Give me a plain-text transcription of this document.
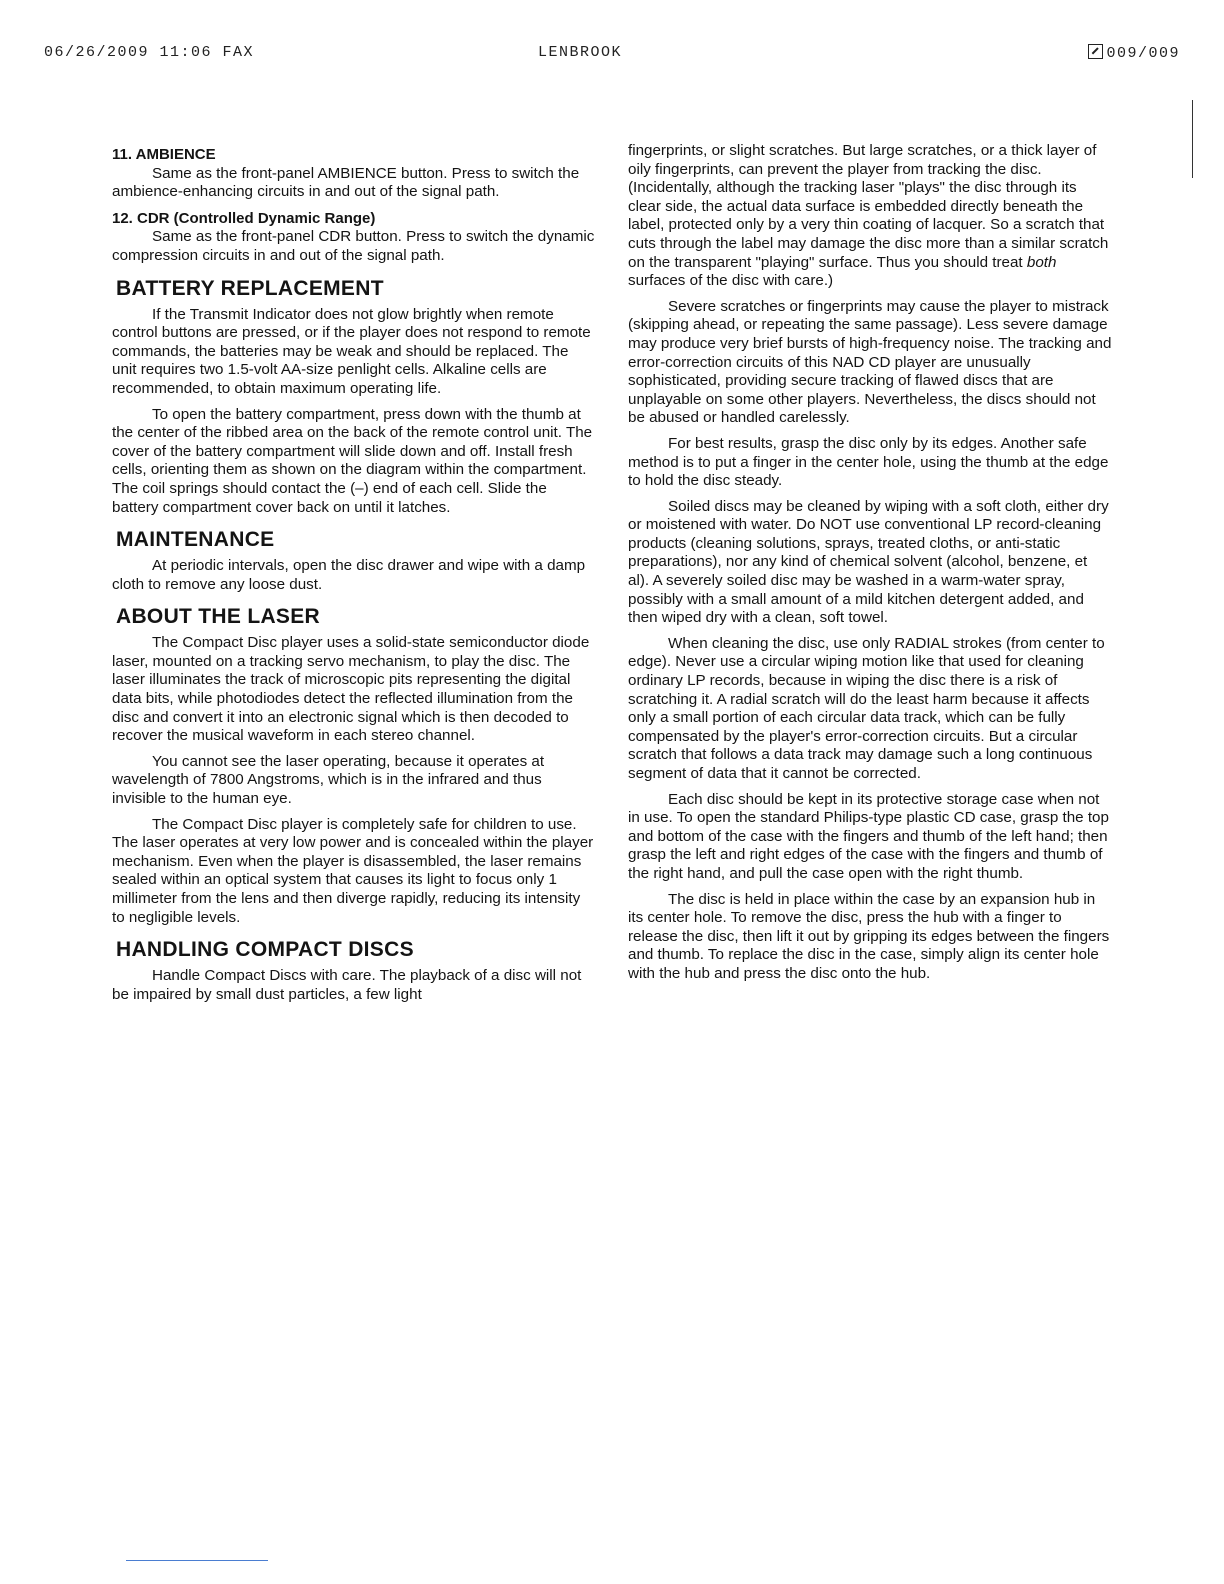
06/26/2009 11:06 FAX	LENBROOK	009/009
11. AMBIENCE

Same as the front-panel AMBIENCE button. Press to switch the ambience-enhancing circuits in and out of the signal path.

12. CDR (Controlled Dynamic Range)

Same as the front-panel CDR button. Press to switch the dynamic compression circuits in and out of the signal path.

BATTERY REPLACEMENT

If the Transmit Indicator does not glow brightly when remote control buttons are pressed, or if the player does not respond to remote commands, the batteries may be weak and should be replaced. The unit requires two 1.5-volt AA-size penlight cells. Alkaline cells are recommended, to obtain maximum operating life.

To open the battery compartment, press down with the thumb at the center of the ribbed area on the back of the remote control unit. The cover of the battery compartment will slide down and off. Install fresh cells, orienting them as shown on the diagram within the compartment. The coil springs should contact the (–) end of each cell. Slide the battery compartment cover back on until it latches.

MAINTENANCE

At periodic intervals, open the disc drawer and wipe with a damp cloth to remove any loose dust.

ABOUT THE LASER

The Compact Disc player uses a solid-state semiconductor diode laser, mounted on a tracking servo mechanism, to play the disc. The laser illuminates the track of microscopic pits representing the digital data bits, while photodiodes detect the reflected illumination from the disc and convert it into an electronic signal which is then decoded to recover the musical waveform in each stereo channel.

You cannot see the laser operating, because it operates at wavelength of 7800 Angstroms, which is in the infrared and thus invisible to the human eye.

The Compact Disc player is completely safe for children to use. The laser operates at very low power and is concealed within the player mechanism. Even when the player is disassembled, the laser remains sealed within an optical system that causes its light to focus only 1 millimeter from the lens and then diverge rapidly, reducing its intensity to negligible levels.

HANDLING COMPACT DISCS

Handle Compact Discs with care. The playback of a disc will not be impaired by small dust particles, a few light

fingerprints, or slight scratches. But large scratches, or a thick layer of oily fingerprints, can prevent the player from tracking the disc. (Incidentally, although the tracking laser "plays" the disc through its clear side, the actual data surface is embedded directly beneath the label, protected only by a very thin coating of lacquer. So a scratch that cuts through the label may damage the disc more than a similar scratch on the transparent "playing" surface. Thus you should treat both surfaces of the disc with care.)

Severe scratches or fingerprints may cause the player to mistrack (skipping ahead, or repeating the same passage). Less severe damage may produce very brief bursts of high-frequency noise. The tracking and error-correction circuits of this NAD CD player are unusually sophisticated, providing secure tracking of flawed discs that are unplayable on some other players. Nevertheless, the discs should not be abused or handled carelessly.

For best results, grasp the disc only by its edges. Another safe method is to put a finger in the center hole, using the thumb at the edge to hold the disc steady.

Soiled discs may be cleaned by wiping with a soft cloth, either dry or moistened with water. Do NOT use conventional LP record-cleaning products (cleaning solutions, sprays, treated cloths, or anti-static preparations), nor any kind of chemical solvent (alcohol, benzene, et al). A severely soiled disc may be washed in a warm-water spray, possibly with a small amount of a mild kitchen detergent added, and then wiped dry with a clean, soft towel.

When cleaning the disc, use only RADIAL strokes (from center to edge). Never use a circular wiping motion like that used for cleaning ordinary LP records, because in wiping the disc there is a risk of scratching it. A radial scratch will do the least harm because it affects only a small portion of each circular data track, which can be fully compensated by the player's error-correction circuits. But a circular scratch that follows a data track may damage such a long continuous segment of data that it cannot be corrected.

Each disc should be kept in its protective storage case when not in use. To open the standard Philips-type plastic CD case, grasp the top and bottom of the case with the fingers and thumb of the left hand; then grasp the left and right edges of the case with the fingers and thumb of the right hand, and pull the case open with the right thumb.

The disc is held in place within the case by an expansion hub in its center hole. To remove the disc, press the hub with a finger to release the disc, then lift it out by gripping its edges between the fingers and thumb. To replace the disc in the case, simply align its center hole with the hub and press the disc onto the hub.
